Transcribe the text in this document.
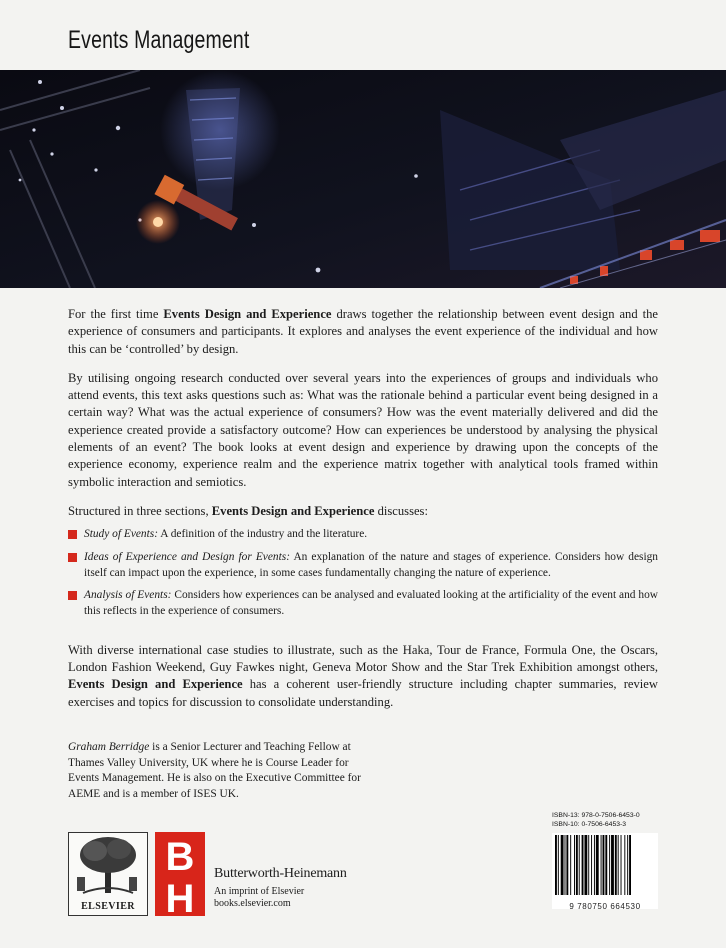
Events Management

For the first time Events Design and Experience draws together the relationship between event design and the experience of consumers and participants. It explores and analyses the event experience of the individual and how this can be ‘controlled’ by design.

By utilising ongoing research conducted over several years into the experiences of groups and individuals who attend events, this text asks questions such as: What was the rationale behind a particular event being designed in a certain way? What was the actual experience of consumers? How was the event materially delivered and did the experience created provide a satisfactory outcome? How can experiences be understood by analysing the physical elements of an event? The book looks at event design and experience by drawing upon the concepts of the experience economy, experience realm and the experience matrix together with analytical tools framed within symbolic interaction and semiotics.

Structured in three sections, Events Design and Experience discusses:

Study of Events: A definition of the industry and the literature.
Ideas of Experience and Design for Events: An explanation of the nature and stages of experience. Considers how design itself can impact upon the experience, in some cases fundamentally changing the nature of experience.
Analysis of Events: Considers how experiences can be analysed and evaluated looking at the artificiality of the event and how this reflects in the experience of consumers.

With diverse international case studies to illustrate, such as the Haka, Tour de France, Formula One, the Oscars, London Fashion Weekend, Guy Fawkes night, Geneva Motor Show and the Star Trek Exhibition amongst others, Events Design and Experience has a coherent user-friendly structure including chapter summaries, review exercises and topics for discussion to consolidate understanding.

Graham Berridge is a Senior Lecturer and Teaching Fellow at Thames Valley University, UK where he is Course Leader for Events Management. He is also on the Executive Committee for AEME and is a member of ISES UK.
ELSEVIER
B
H
Butterworth-Heinemann
An imprint of Elsevier
books.elsevier.com
ISBN-13: 978-0-7506-6453-0
ISBN-10: 0-7506-6453-3
9 780750 664530
